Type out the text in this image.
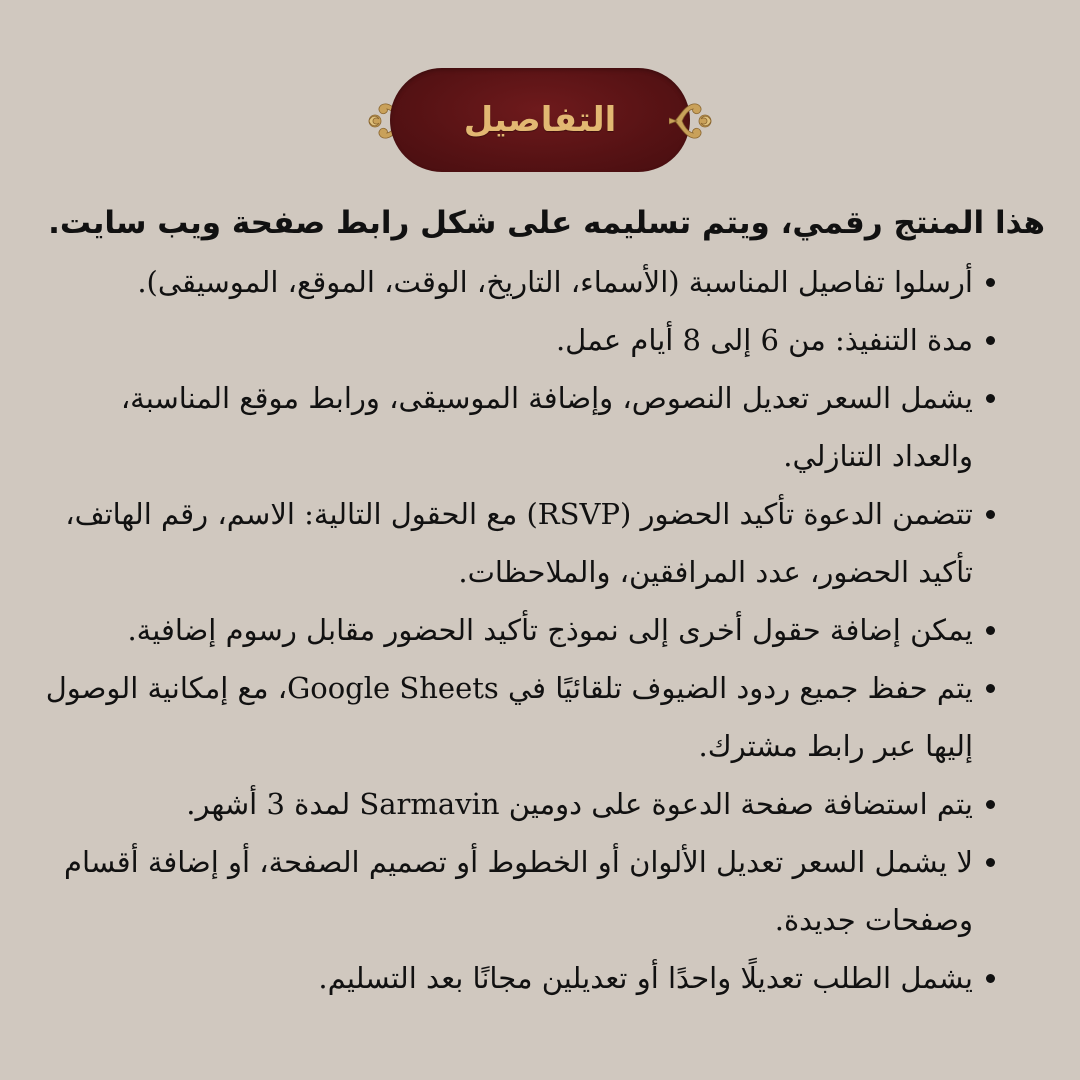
التفاصيل

هذا المنتج رقمي، ويتم تسليمه على شكل رابط صفحة ويب سايت.

أرسلوا تفاصيل المناسبة (الأسماء، التاريخ، الوقت، الموقع، الموسيقى).
مدة التنفيذ: من 6 إلى 8 أيام عمل.
يشمل السعر تعديل النصوص، وإضافة الموسيقى، ورابط موقع المناسبة، والعداد التنازلي.
تتضمن الدعوة تأكيد الحضور (RSVP) مع الحقول التالية: الاسم، رقم الهاتف، تأكيد الحضور، عدد المرافقين، والملاحظات.
يمكن إضافة حقول أخرى إلى نموذج تأكيد الحضور مقابل رسوم إضافية.
يتم حفظ جميع ردود الضيوف تلقائيًا في Google Sheets، مع إمكانية الوصول إليها عبر رابط مشترك.
يتم استضافة صفحة الدعوة على دومين Sarmavin لمدة 3 أشهر.
لا يشمل السعر تعديل الألوان أو الخطوط أو تصميم الصفحة، أو إضافة أقسام وصفحات جديدة.
يشمل الطلب تعديلًا واحدًا أو تعديلين مجانًا بعد التسليم.
